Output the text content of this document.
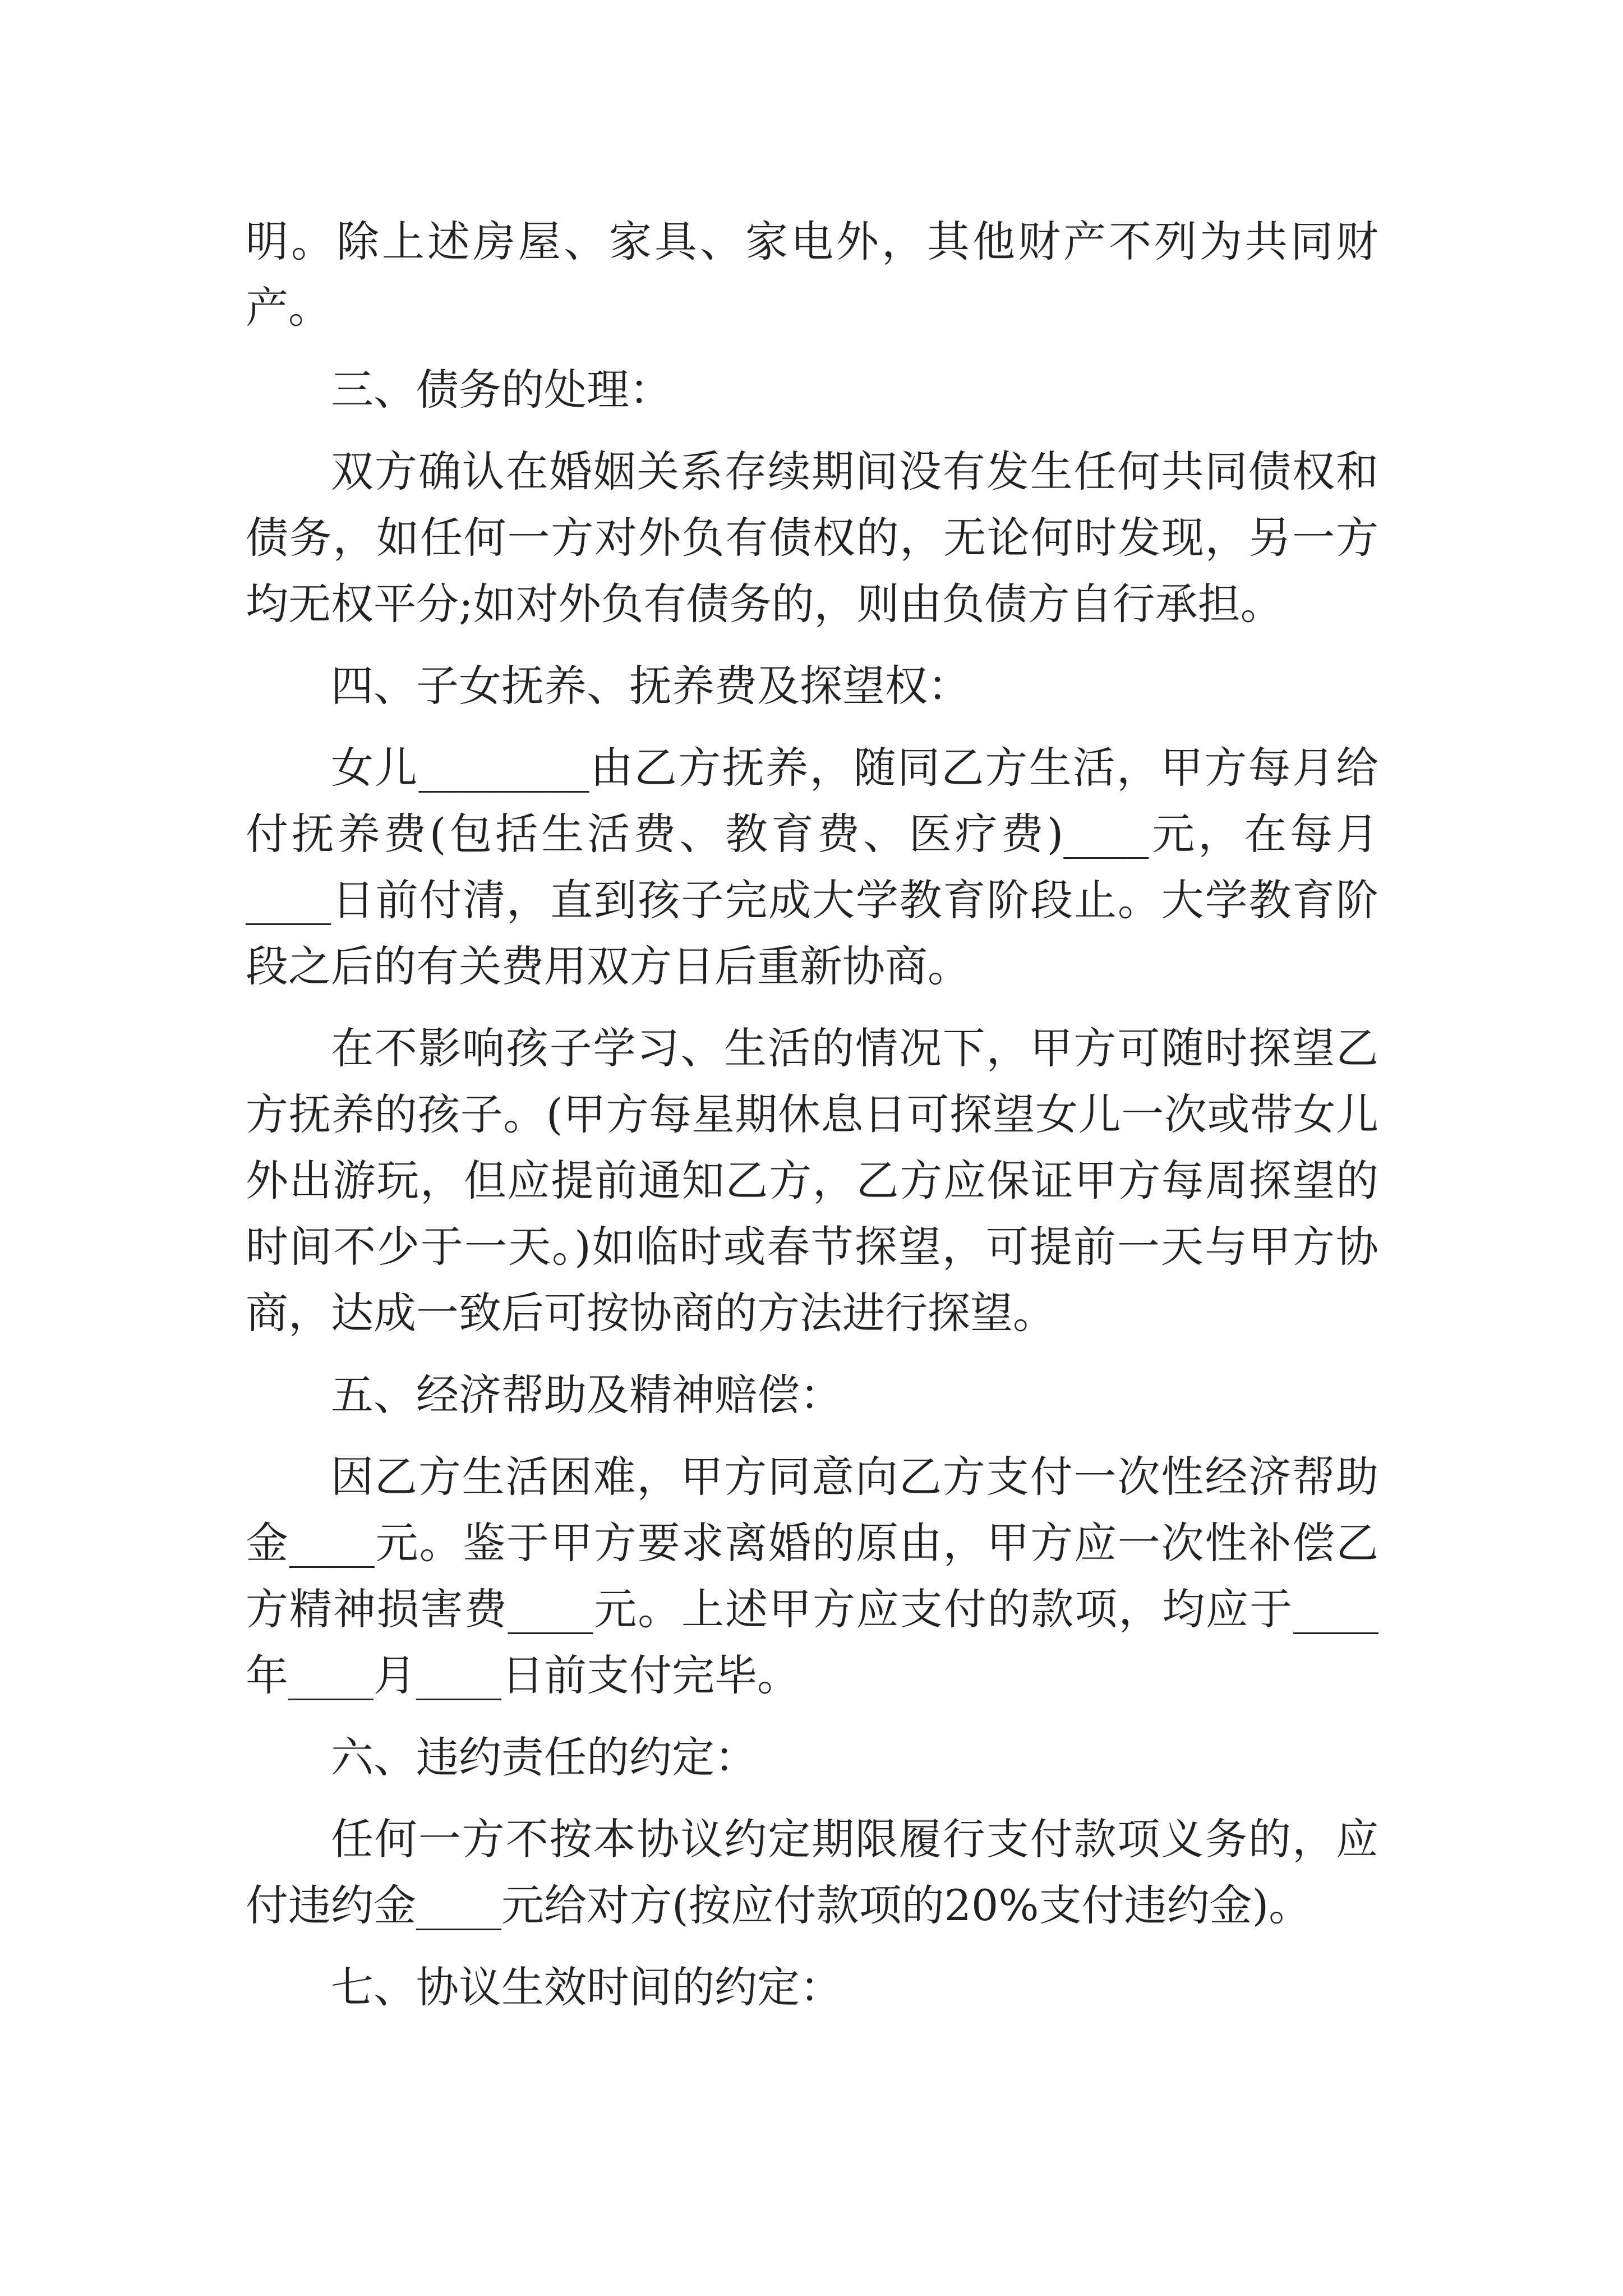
明。除上述房屋、家具、家电外，其他财产不列为共同财产。

三、债务的处理：

双方确认在婚姻关系存续期间没有发生任何共同债权和债务，如任何一方对外负有债权的，无论何时发现，另一方均无权平分;如对外负有债务的，则由负债方自行承担。

四、子女抚养、抚养费及探望权：

女儿________由乙方抚养，随同乙方生活，甲方每月给付抚养费(包括生活费、教育费、医疗费)____元，在每月____日前付清，直到孩子完成大学教育阶段止。大学教育阶段之后的有关费用双方日后重新协商。

在不影响孩子学习、生活的情况下，甲方可随时探望乙方抚养的孩子。(甲方每星期休息日可探望女儿一次或带女儿外出游玩，但应提前通知乙方，乙方应保证甲方每周探望的时间不少于一天。)如临时或春节探望，可提前一天与甲方协商，达成一致后可按协商的方法进行探望。

五、经济帮助及精神赔偿：

因乙方生活困难，甲方同意向乙方支付一次性经济帮助金____元。鉴于甲方要求离婚的原由，甲方应一次性补偿乙方精神损害费____元。上述甲方应支付的款项，均应于____年____月____日前支付完毕。

六、违约责任的约定：

任何一方不按本协议约定期限履行支付款项义务的，应付违约金____元给对方(按应付款项的20%支付违约金)。

七、协议生效时间的约定：
